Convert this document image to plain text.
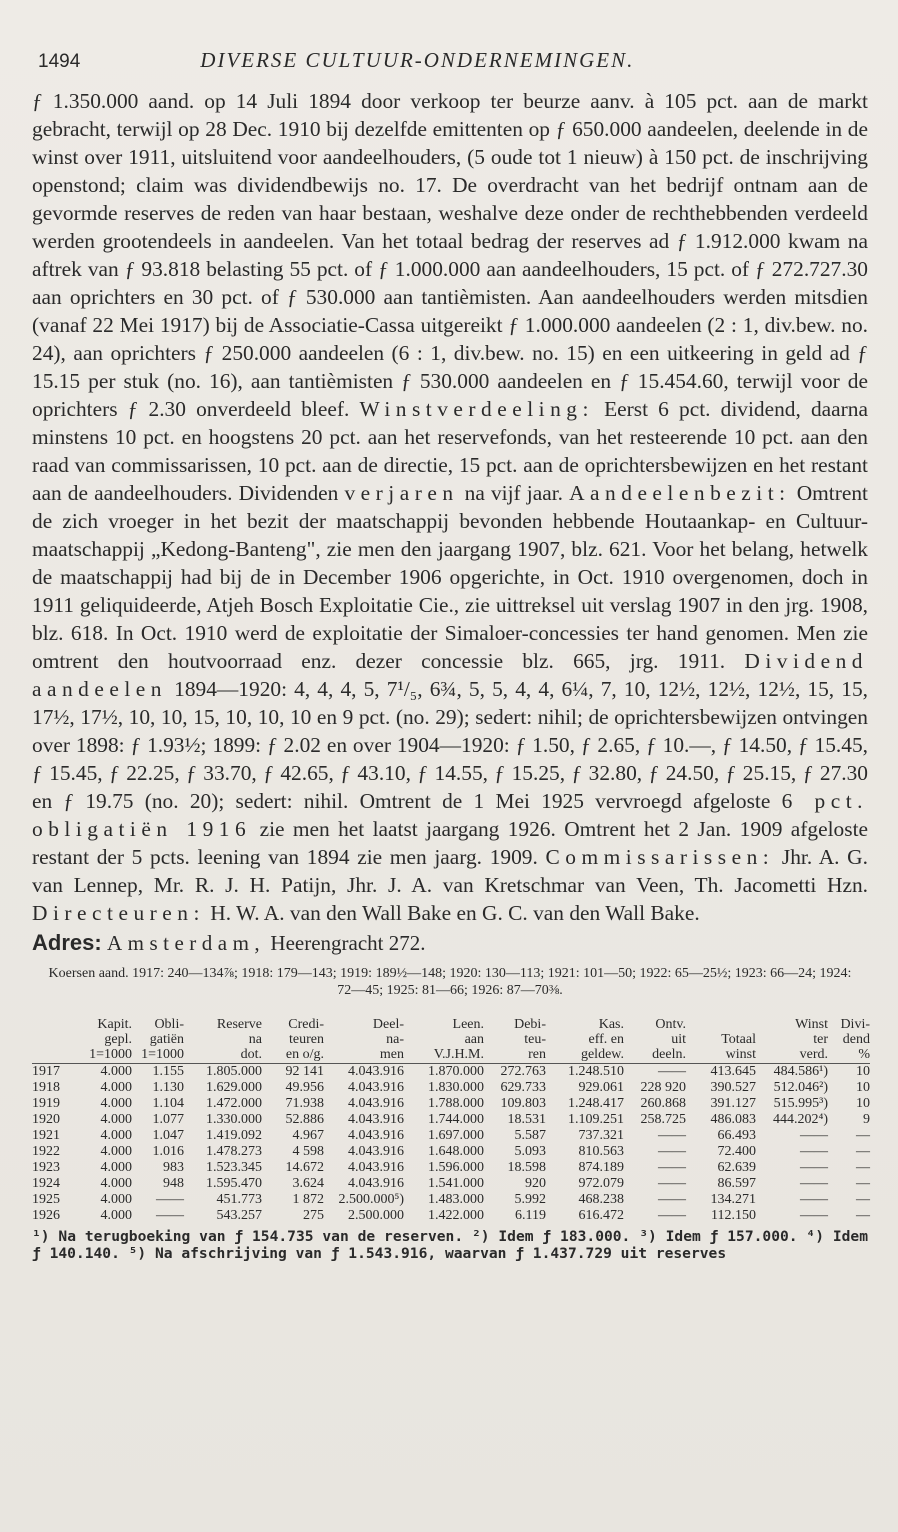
1494	DIVERSE CULTUUR-ONDERNEMINGEN.

ƒ 1.350.000 aand. op 14 Juli 1894 door verkoop ter beurze aanv. à 105 pct. aan de markt gebracht, terwijl op 28 Dec. 1910 bij dezelfde emittenten op ƒ 650.000 aandeelen, deelende in de winst over 1911, uitsluitend voor aandeelhouders, (5 oude tot 1 nieuw) à 150 pct. de inschrijving openstond; claim was dividendbewijs no. 17. De overdracht van het bedrijf ontnam aan de gevormde reserves de reden van haar bestaan, weshalve deze onder de rechthebbenden verdeeld werden grootendeels in aandeelen. Van het totaal bedrag der reserves ad ƒ 1.912.000 kwam na aftrek van ƒ 93.818 belasting 55 pct. of ƒ 1.000.000 aan aandeelhouders, 15 pct. of ƒ 272.727.30 aan oprichters en 30 pct. of ƒ 530.000 aan tantièmisten. Aan aandeelhouders werden mitsdien (vanaf 22 Mei 1917) bij de Associatie-Cassa uitgereikt ƒ 1.000.000 aandeelen (2 : 1, div.bew. no. 24), aan oprichters ƒ 250.000 aandeelen (6 : 1, div.bew. no. 15) en een uitkeering in geld ad ƒ 15.15 per stuk (no. 16), aan tantièmisten ƒ 530.000 aandeelen en ƒ 15.454.60, terwijl voor de oprichters ƒ 2.30 onverdeeld bleef. Winstverdeeling: Eerst 6 pct. dividend, daarna minstens 10 pct. en hoogstens 20 pct. aan het reservefonds, van het resteerende 10 pct. aan den raad van commissarissen, 10 pct. aan de directie, 15 pct. aan de oprichtersbewijzen en het restant aan de aandeelhouders. Dividenden verjaren na vijf jaar. Aandeelenbezit: Omtrent de zich vroeger in het bezit der maatschappij bevonden hebbende Houtaankap- en Cultuur-maatschappij „Kedong-Banteng", zie men den jaargang 1907, blz. 621. Voor het belang, hetwelk de maatschappij had bij de in December 1906 opgerichte, in Oct. 1910 overgenomen, doch in 1911 geliquideerde, Atjeh Bosch Exploitatie Cie., zie uittreksel uit verslag 1907 in den jrg. 1908, blz. 618. In Oct. 1910 werd de exploitatie der Simaloer-concessies ter hand genomen. Men zie omtrent den houtvoorraad enz. dezer concessie blz. 665, jrg. 1911. Dividend aandeelen 1894—1920: 4, 4, 4, 5, 7¹/₅, 6¾, 5, 5, 4, 4, 6¼, 7, 10, 12½, 12½, 12½, 15, 15, 17½, 17½, 10, 10, 15, 10, 10, 10 en 9 pct. (no. 29); sedert: nihil; de oprichtersbewijzen ontvingen over 1898: ƒ 1.93½; 1899: ƒ 2.02 en over 1904—1920: ƒ 1.50, ƒ 2.65, ƒ 10.—, ƒ 14.50, ƒ 15.45, ƒ 15.45, ƒ 22.25, ƒ 33.70, ƒ 42.65, ƒ 43.10, ƒ 14.55, ƒ 15.25, ƒ 32.80, ƒ 24.50, ƒ 25.15, ƒ 27.30 en ƒ 19.75 (no. 20); sedert: nihil. Omtrent de 1 Mei 1925 vervroegd afgeloste 6 pct. obligatiën 1916 zie men het laatst jaargang 1926. Omtrent het 2 Jan. 1909 afgeloste restant der 5 pcts. leening van 1894 zie men jaarg. 1909. Commissarissen: Jhr. A. G. van Lennep, Mr. R. J. H. Patijn, Jhr. J. A. van Kretschmar van Veen, Th. Jacometti Hzn. Directeuren: H. W. A. van den Wall Bake en G. C. van den Wall Bake.

Adres: Amsterdam, Heerengracht 272.
Koersen aand. 1917: 240—134⅞; 1918: 179—143; 1919: 189½—148; 1920: 130—113; 1921: 101—50; 1922: 65—25½; 1923: 66—24; 1924: 72—45; 1925: 81—66; 1926: 87—70⅜.
	Kapit.	Obli-	Reserve	Credi-	Deel-	Leen.	Debi-	Kas.	Ontv.		Winst	Divi-
	gepl.	gatiën	na	teuren	na-	aan	teu-	eff. en	uit	Totaal	ter	dend
	1=1000	1=1000	dot.	en o/g.	men	V.J.H.M.	ren	geldew.	deeln.	winst	verd.	%
1917	4.000	1.155	1.805.000	92 141	4.043.916	1.870.000	272.763	1.248.510	——	413.645	484.586¹)	10
1918	4.000	1.130	1.629.000	49.956	4.043.916	1.830.000	629.733	929.061	228 920	390.527	512.046²)	10
1919	4.000	1.104	1.472.000	71.938	4.043.916	1.788.000	109.803	1.248.417	260.868	391.127	515.995³)	10
1920	4.000	1.077	1.330.000	52.886	4.043.916	1.744.000	18.531	1.109.251	258.725	486.083	444.202⁴)	9
1921	4.000	1.047	1.419.092	4.967	4.043.916	1.697.000	5.587	737.321	——	66.493	——	—
1922	4.000	1.016	1.478.273	4 598	4.043.916	1.648.000	5.093	810.563	——	72.400	——	—
1923	4.000	983	1.523.345	14.672	4.043.916	1.596.000	18.598	874.189	——	62.639	——	—
1924	4.000	948	1.595.470	3.624	4.043.916	1.541.000	920	972.079	——	86.597	——	—
1925	4.000	——	451.773	1 872	2.500.000⁵)	1.483.000	5.992	468.238	——	134.271	——	—
1926	4.000	——	543.257	275	2.500.000	1.422.000	6.119	616.472	——	112.150	——	—
¹) Na terugboeking van ƒ 154.735 van de reserven. ²) Idem ƒ 183.000. ³) Idem ƒ 157.000. ⁴) Idem ƒ 140.140. ⁵) Na afschrijving van ƒ 1.543.916, waarvan ƒ 1.437.729 uit reserves
